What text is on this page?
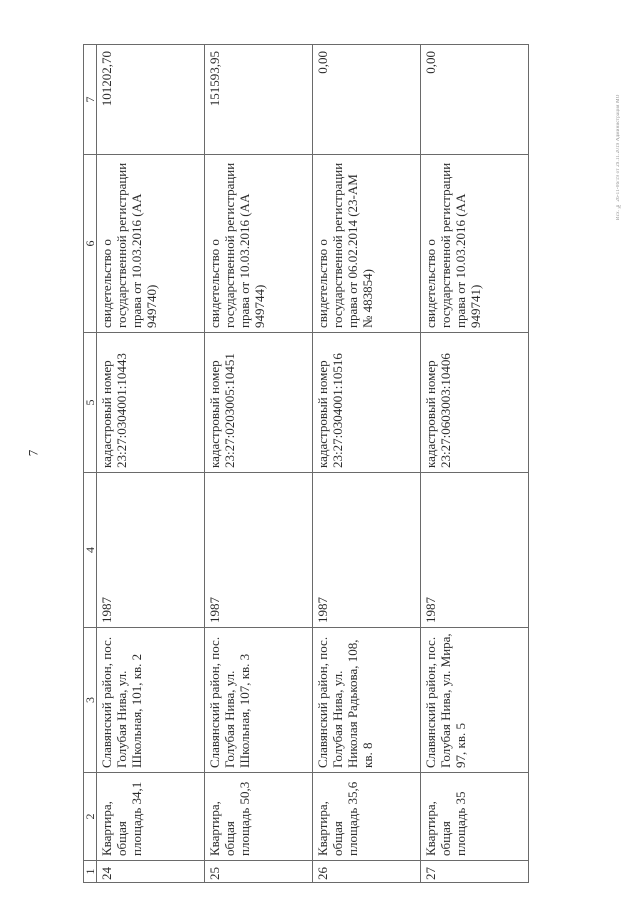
7
Исх. № 26-11-06/19 от 29.11.2019 Администрация МО
1	2	3	4	5	6	7
24	Квартира, общая площадь 34,1	Славянский район, пос. Голубая Нива, ул. Школьная, 101, кв. 2	1987	кадастровый номер 23:27:0304001:10443	свидетельство о государственной регистрации права от 10.03.2016 (АА 949740)	101202,70
25	Квартира, общая площадь 50,3	Славянский район, пос. Голубая Нива, ул. Школьная, 107, кв. 3	1987	кадастровый номер 23:27:0203005:10451	свидетельство о государственной регистрации права от 10.03.2016 (АА 949744)	151593,95
26	Квартира, общая площадь 35,6	Славянский район, пос. Голубая Нива, ул. Николая Радькова, 108, кв. 8	1987	кадастровый номер 23:27:0304001:10516	свидетельство о государственной регистрации права от 06.02.2014 (23-АМ № 483854)	0,00
27	Квартира, общая площадь 35	Славянский район, пос. Голубая Нива, ул. Мира, 97, кв. 5	1987	кадастровый номер 23:27:0603003:10406	свидетельство о государственной регистрации права от 10.03.2016 (АА 949741)	0,00
